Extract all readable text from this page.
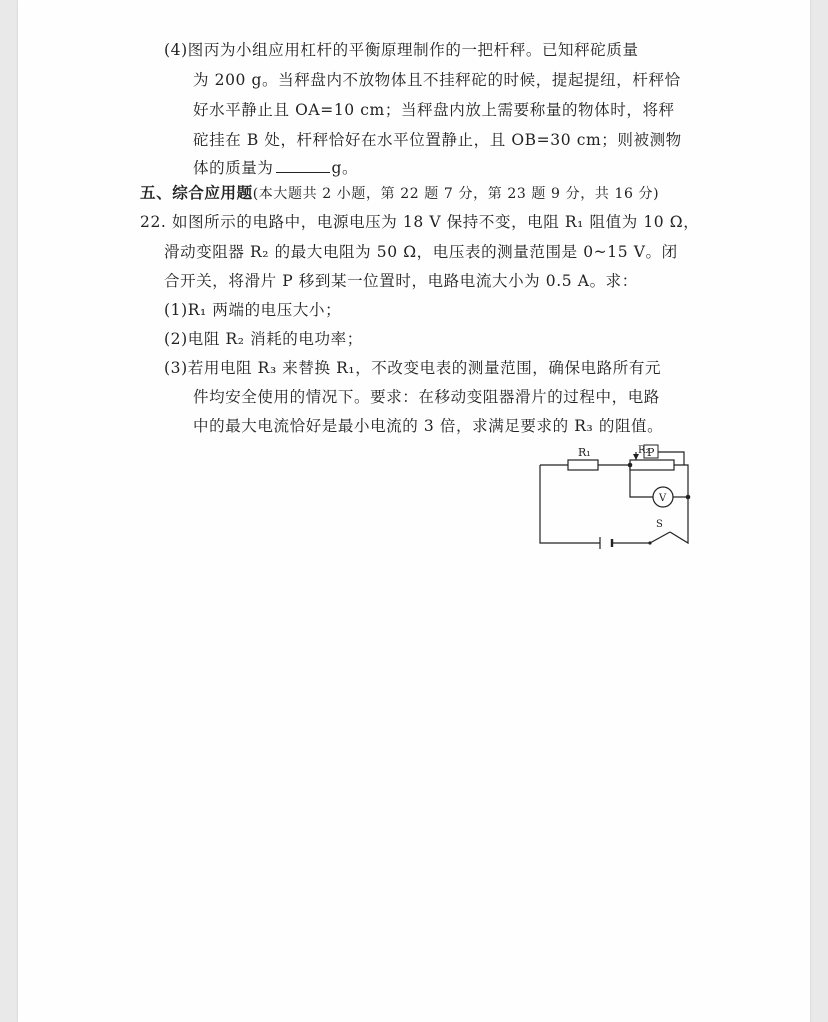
(4)图丙为小组应用杠杆的平衡原理制作的一把杆秤。已知秤砣质量
为 200 g。当秤盘内不放物体且不挂秤砣的时候，提起提纽，杆秤恰
好水平静止且 OA=10 cm；当秤盘内放上需要称量的物体时，将秤
砣挂在 B 处，杆秤恰好在水平位置静止，且 OB=30 cm；则被测物
体的质量为	g。
五、综合应用题(本大题共 2 小题，第 22 题 7 分，第 23 题 9 分，共 16 分)
22. 如图所示的电路中，电源电压为 18 V 保持不变，电阻 R₁ 阻值为 10 Ω，
滑动变阻器 R₂ 的最大电阻为 50 Ω，电压表的测量范围是 0~15 V。闭
合开关，将滑片 P 移到某一位置时，电路电流大小为 0.5 A。求：
(1)R₁ 两端的电压大小；
(2)电阻 R₂ 消耗的电功率；
(3)若用电阻 R₃ 来替换 R₁，不改变电表的测量范围，确保电路所有元
件均安全使用的情况下。要求：在移动变阻器滑片的过程中，电路
中的最大电流恰好是最小电流的 3 倍，求满足要求的 R₃ 的阻值。
R₁	R₂
P
V
S
